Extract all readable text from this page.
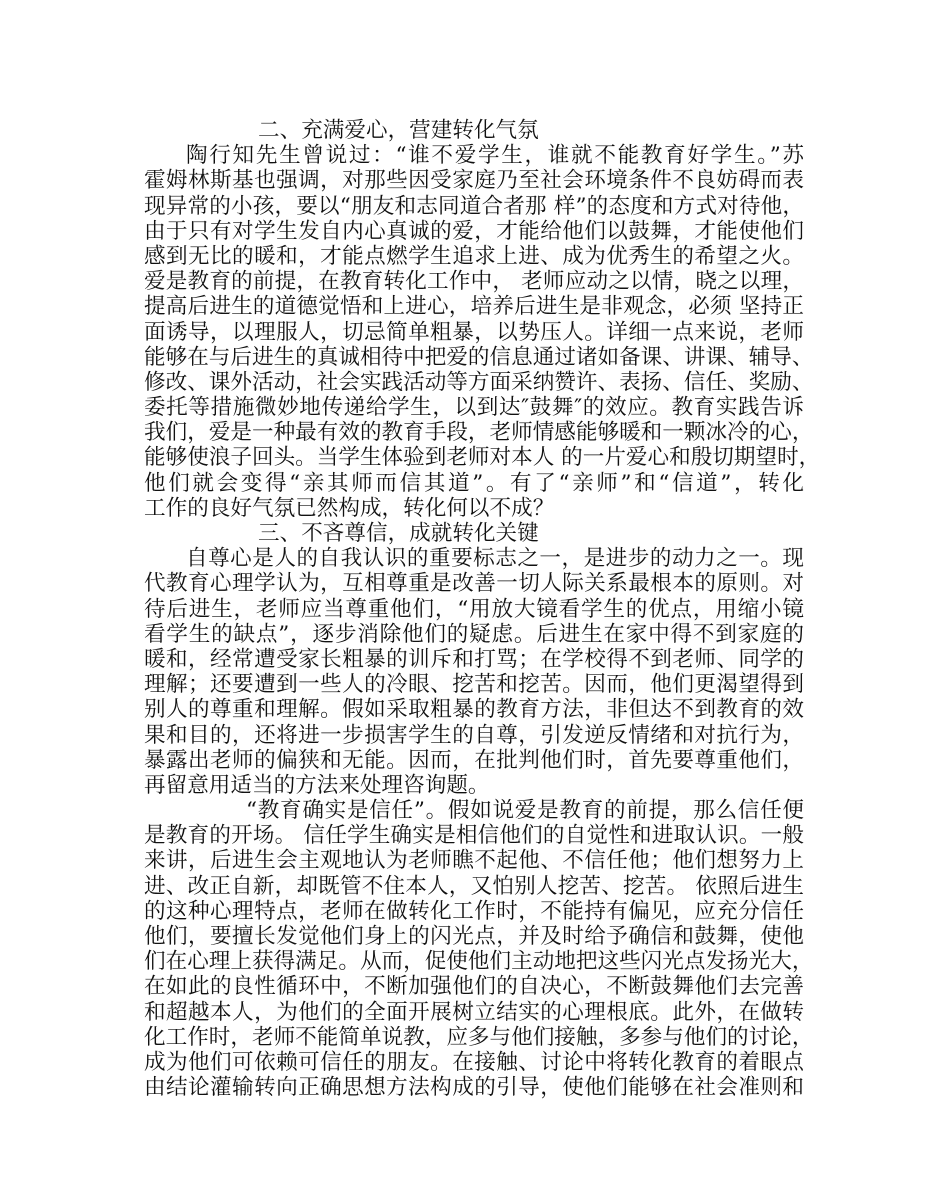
二、充满爱心，营建转化气氛
陶行知先生曾说过：“谁不爱学生，谁就不能教育好学生。”苏
霍姆林斯基也强调，对那些因受家庭乃至社会环境条件不良妨碍而表
现异常的小孩，要以“朋友和志同道合者那 样”的态度和方式对待他，
由于只有对学生发自内心真诚的爱，才能给他们以鼓舞，才能使他们
感到无比的暖和，才能点燃学生追求上进、成为优秀生的希望之火。
爱是教育的前提，在教育转化工作中， 老师应动之以情，晓之以理，
提高后进生的道德觉悟和上进心，培养后进生是非观念，必须 坚持正
面诱导，以理服人，切忌简单粗暴，以势压人。详细一点来说，老师
能够在与后进生的真诚相待中把爱的信息通过诸如备课、讲课、辅导、
修改、课外活动，社会实践活动等方面采纳赞许、表扬、信任、奖励、
委托等措施微妙地传递给学生，以到达″鼓舞″的效应。教育实践告诉
我们，爱是一种最有效的教育手段，老师情感能够暖和一颗冰冷的心，
能够使浪子回头。当学生体验到老师对本人 的一片爱心和殷切期望时，
他们就会变得“亲其师而信其道”。有了“亲师”和“信道”，转化
工作的良好气氛已然构成，转化何以不成？
三、不吝尊信，成就转化关键
自尊心是人的自我认识的重要标志之一，是进步的动力之一。现
代教育心理学认为，互相尊重是改善一切人际关系最根本的原则。对
待后进生，老师应当尊重他们，“用放大镜看学生的优点，用缩小镜
看学生的缺点”，逐步消除他们的疑虑。后进生在家中得不到家庭的
暖和，经常遭受家长粗暴的训斥和打骂；在学校得不到老师、同学的
理解；还要遭到一些人的冷眼、挖苦和挖苦。因而，他们更渴望得到
别人的尊重和理解。假如采取粗暴的教育方法，非但达不到教育的效
果和目的，还将进一步损害学生的自尊，引发逆反情绪和对抗行为，
暴露出老师的偏狭和无能。因而，在批判他们时，首先要尊重他们，
再留意用适当的方法来处理咨询题。
“教育确实是信任”。假如说爱是教育的前提，那么信任便
是教育的开场。 信任学生确实是相信他们的自觉性和进取认识。一般
来讲，后进生会主观地认为老师瞧不起他、不信任他；他们想努力上
进、改正自新，却既管不住本人，又怕别人挖苦、挖苦。 依照后进生
的这种心理特点，老师在做转化工作时，不能持有偏见，应充分信任
他们，要擅长发觉他们身上的闪光点，并及时给予确信和鼓舞，使他
们在心理上获得满足。从而，促使他们主动地把这些闪光点发扬光大，
在如此的良性循环中，不断加强他们的自决心，不断鼓舞他们去完善
和超越本人，为他们的全面开展树立结实的心理根底。此外，在做转
化工作时，老师不能简单说教，应多与他们接触，多参与他们的讨论，
成为他们可依赖可信任的朋友。在接触、讨论中将转化教育的着眼点
由结论灌输转向正确思想方法构成的引导，使他们能够在社会准则和
